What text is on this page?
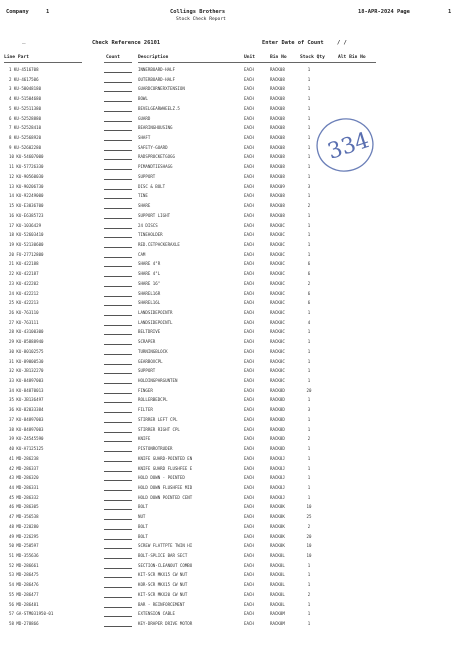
Company	1	Collings Brothers
Stock Check Report
18-APR-2024 Page	1
—	Check Reference 26101	Enter Date of Count / /
Line Part	Count	Description	Unit	Bin No	Stock Qty	Alt Bin No
1 KU-4516708	INNERBOARD-HALF	EACH	RACK08	1
2 KU-4617506	OUTERBOARD-HALF	EACH	RACK08	1
3 KU-50048180	GUARDCORNERXTENSION	EACH	RACK08	1
4 KU-51504680	BOWL	EACH	RACK08	1
5 KU-52511380	BEVELGEARWHEELZ.5	EACH	RACK08	1
6 KU-52528880	GUARD	EACH	RACK08	1
7 KU-52528410	BEARINGHOUSING	EACH	RACK08	1
8 KU-52568920	SHAFT	EACH	RACK08	1
9 KU-52602280	SAFETY-GUARD	EACH	RACK08	1
10 KU-54607000	RADSPROCKETGOGG	EACH	RACK08	1
11 KU-57726330	PIMANDTIESHAGG	EACH	RACK08	1
12 KU-90560030	SUPPORT	EACH	RACK08	1
13 KU-90206730	DISC & BOLT	EACH	RACK09	3
14 KU-92249000	TINE	EACH	RACK08	1
15 KU-E3036700	SHARE	EACH	RACK08	2
16 KU-E6385723	SUPPORT LIGHT	EACH	RACK08	1
17 KU-1036429	24 DISCS	EACH	RACK8C	1
18 KU-52603410	TINEHOLDER	EACH	RACK8C	1
19 KU-52130600	RED.CETPACKERAXLE	EACH	RACK8C	1
20 FU-27712800	CAM	EACH	RACK8C	1
21 KU-422188	SHARE 4"R	EACH	RACK8C	6
22 KU-422187	SHARE 4"L	EACH	RACK8C	6
23 KU-422202	SHARE 16"	EACH	RACK8C	2
24 KU-422212	SHAREL16R	EACH	RACK8C	6
25 KU-422213	SHAREL16L	EACH	RACK8C	6
26 KU-763110	LANDSIDEPOINTR	EACH	RACK8C	1
27 KU-763111	LANDSIDEPOINTL	EACH	RACK8C	4
28 KU-43100300	BELTDRIVE	EACH	RACK8C	1
29 KU-85888940	SCRAPER	EACH	RACK8C	1
30 KU-80102575	TURNINGBLOCK	EACH	RACK8C	1
31 KU-89000530	GEARBOXCPL	EACH	RACK8C	1
32 KU-JB132270	SUPPORT	EACH	RACK8C	1
33 KU-84897003	HOLDINGPARGUNTEN	EACH	RACK8C	1
34 KU-84870013	FINGER	EACH	RACK8D	20
35 KU-JB136497	ROLLERBEDCPL	EACH	RACK8D	1
36 KU-82033384	FILTER	EACH	RACK8D	3
37 KU-84897003	STIRRER LEFT CPL	EACH	RACK8D	1
38 KU-84897003	STIRRER RIGHT CPL	EACH	RACK8D	1
39 KU-Z4545590	KNIFE	EACH	RACK8D	2
40 KU-A7125125	PISTONROTRUDER	EACH	RACK8D	1
41 MD-286238	KNIFE GUARD-POINTED EN	EACH	RACK8J	1
42 MD-286337	KNIFE GUARD FLUSHFEE E	EACH	RACK8J	1
43 MD-286320	HOLD DOWN - POINTED	EACH	RACK8J	1
44 MD-286331	HOLD DOWN FLUSHFEE MID	EACH	RACK8J	1
45 MD-286332	HOLD DOWN POINTED CENT	EACH	RACK8J	1
46 MD-286305	BOLT	EACH	RACK8K	10
47 MD-356538	NUT	EACH	RACK8K	25
48 MD-220280	BOLT	EACH	RACK8K	2
49 MD-226295	BOLT	EACH	RACK8K	20
50 MD-250597	SCREW FLATTPTE TWIN HI	EACH	RACK8K	10
51 MD-355636	BOLT-SPLICE BAR SECT	EACH	RACK8L	10
52 MD-286661	SECTION-CLEANOUT COMBO	EACH	RACK8L	1
53 MD-286475	KIT-SCR MKX15 CW NUT	EACH	RACK8L	1
54 MD-286476	KOR-SCR MKX15 CW NUT	EACH	RACK8L	1
55 MD-286477	KIT-SCR MKX20 CW NUT	EACH	RACK8L	2
56 MD-286481	BAR - REINFORCEMENT	EACH	RACK8L	1
57 GA-STM031950-01	EXTENSION CABLE	EACH	RACK8M	1
58 MD-278866	KEY-DRAPER DRIVE MOTOR	EACH	RACK8M	1
334
